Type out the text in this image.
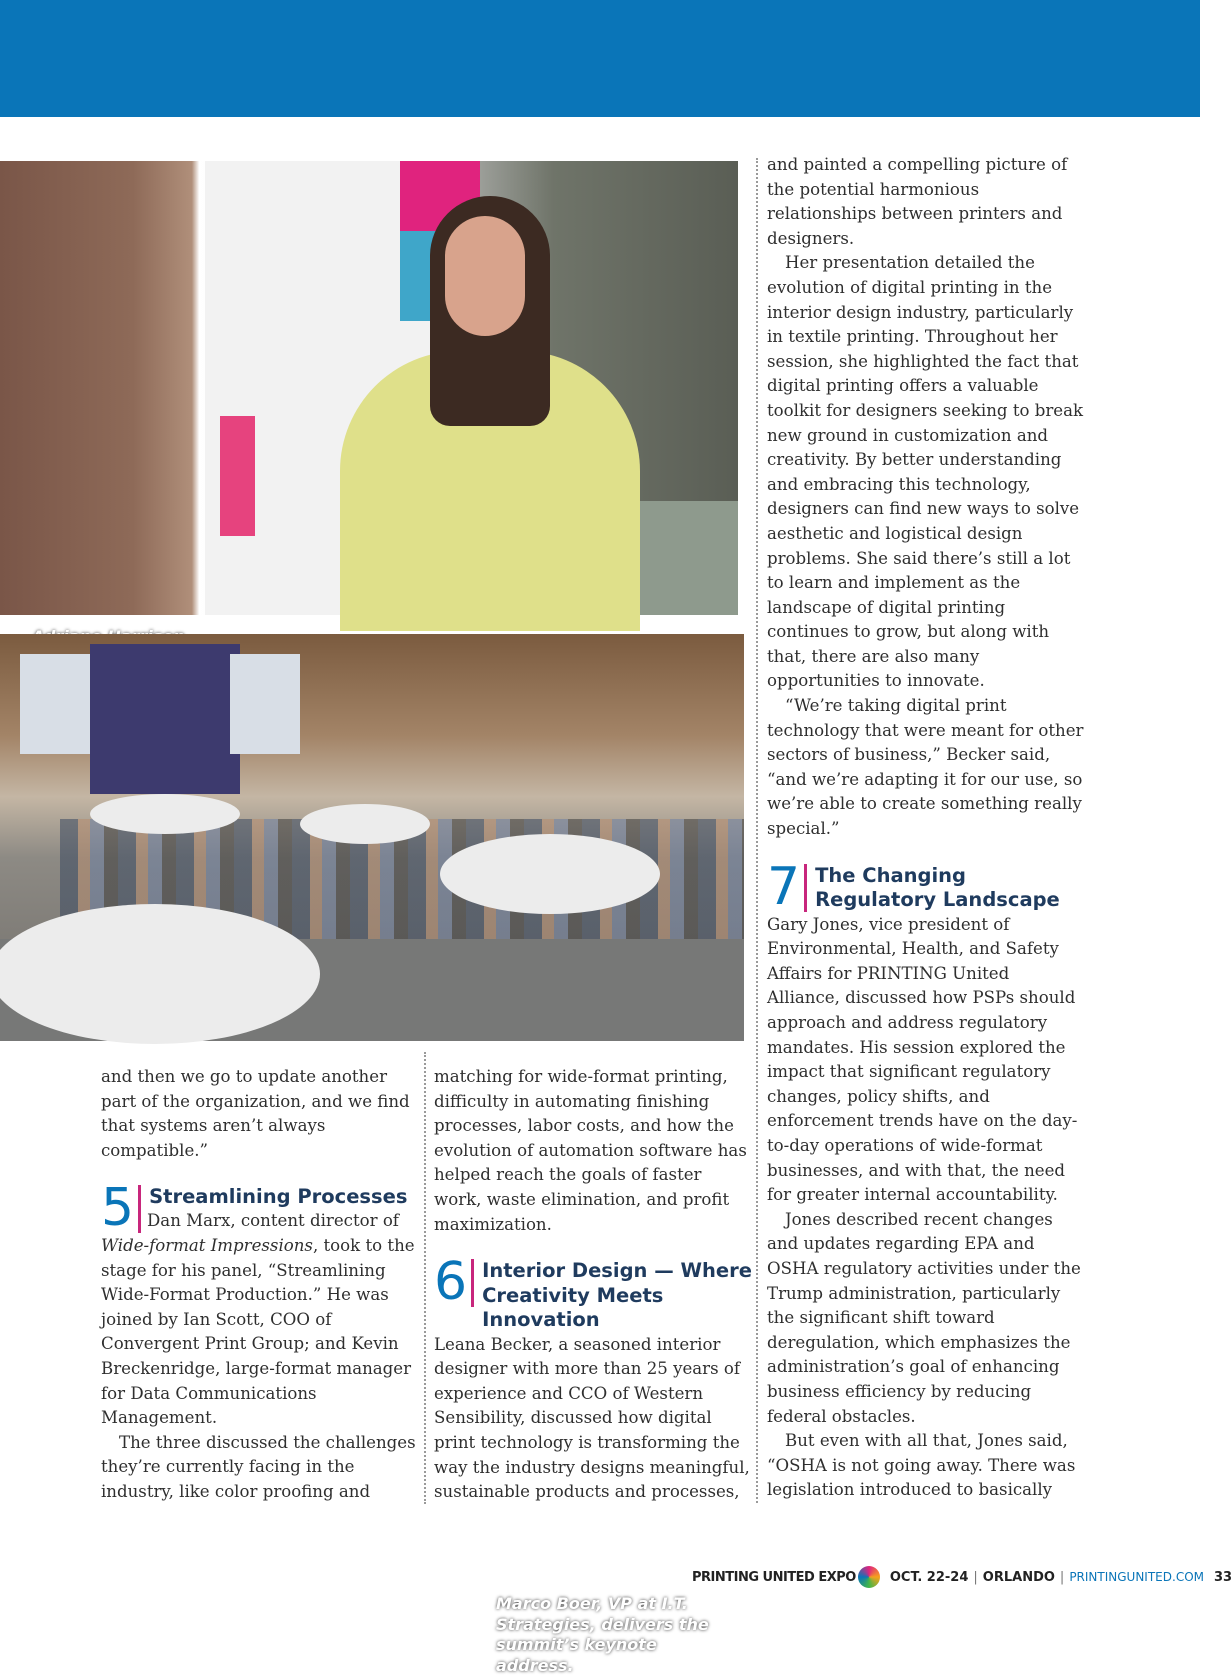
Marco Boer, VP at I.T. Strategies, delivers the summit’s keynote address.

and painted a compelling picture of the potential harmonious relationships between printers and designers.

Her presentation detailed the evolution of digital printing in the interior design industry, particularly in textile printing. Throughout her session, she highlighted the fact that digital printing offers a valuable toolkit for designers seeking to break new ground in customization and creativity. By better understanding and embracing this technology, designers can find new ways to solve aesthetic and logistical design problems. She said there’s still a lot to learn and implement as the landscape of digital printing continues to grow, but along with that, there are also many opportunities to innovate.

“We’re taking digital print technology that were meant for other sectors of business,” Becker said, “and we’re adapting it for our use, so we’re able to create something really special.”

7 The Changing Regulatory Landscape

Gary Jones, vice president of Environmental, Health, and Safety Affairs for PRINTING United Alliance, discussed how PSPs should approach and address regulatory mandates. His session explored the impact that significant regulatory changes, policy shifts, and enforcement trends have on the day-to-day operations of wide-format businesses, and with that, the need for greater internal accountability.

Jones described recent changes and updates regarding EPA and OSHA regulatory activities under the Trump administration, particularly the significant shift toward deregulation, which emphasizes the administration’s goal of enhancing business efficiency by reducing federal obstacles.

But even with all that, Jones said, “OSHA is not going away. There was legislation introduced to basically

and then we go to update another part of the organization, and we find that systems aren’t always compatible.”

5 Streamlining Processes

Dan Marx, content director of Wide-format Impressions, took to the stage for his panel, “Streamlining Wide-Format Production.” He was joined by Ian Scott, COO of Convergent Print Group; and Kevin Breckenridge, large-format manager for Data Communications Management.

The three discussed the challenges they’re currently facing in the industry, like color proofing and

matching for wide-format printing, difficulty in automating finishing processes, labor costs, and how the evolution of automation software has helped reach the goals of faster work, waste elimination, and profit maximization.

6 Interior Design — Where Creativity Meets Innovation

Leana Becker, a seasoned interior designer with more than 25 years of experience and CCO of Western Sensibility, discussed how digital print technology is transforming the way the industry designs meaningful, sustainable products and processes,

PRINTING UNITED EXPO	OCT. 22-24 | ORLANDO | PRINTINGUNITED.COM 33
